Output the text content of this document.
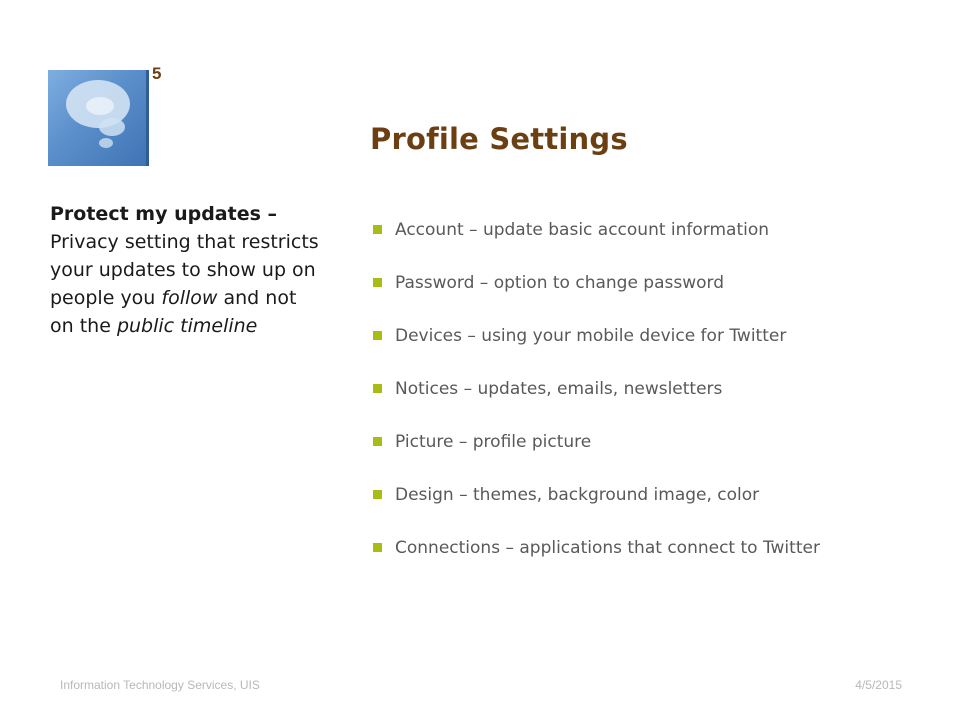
5
Profile Settings

Protect my updates – Privacy setting that restricts your updates to show up on people you follow and not on the public timeline

Account – update basic account information
Password – option to change password
Devices – using your mobile device for Twitter
Notices – updates, emails, newsletters
Picture – profile picture
Design – themes, background image, color
Connections – applications that connect to Twitter
Information Technology Services, UIS	4/5/2015
